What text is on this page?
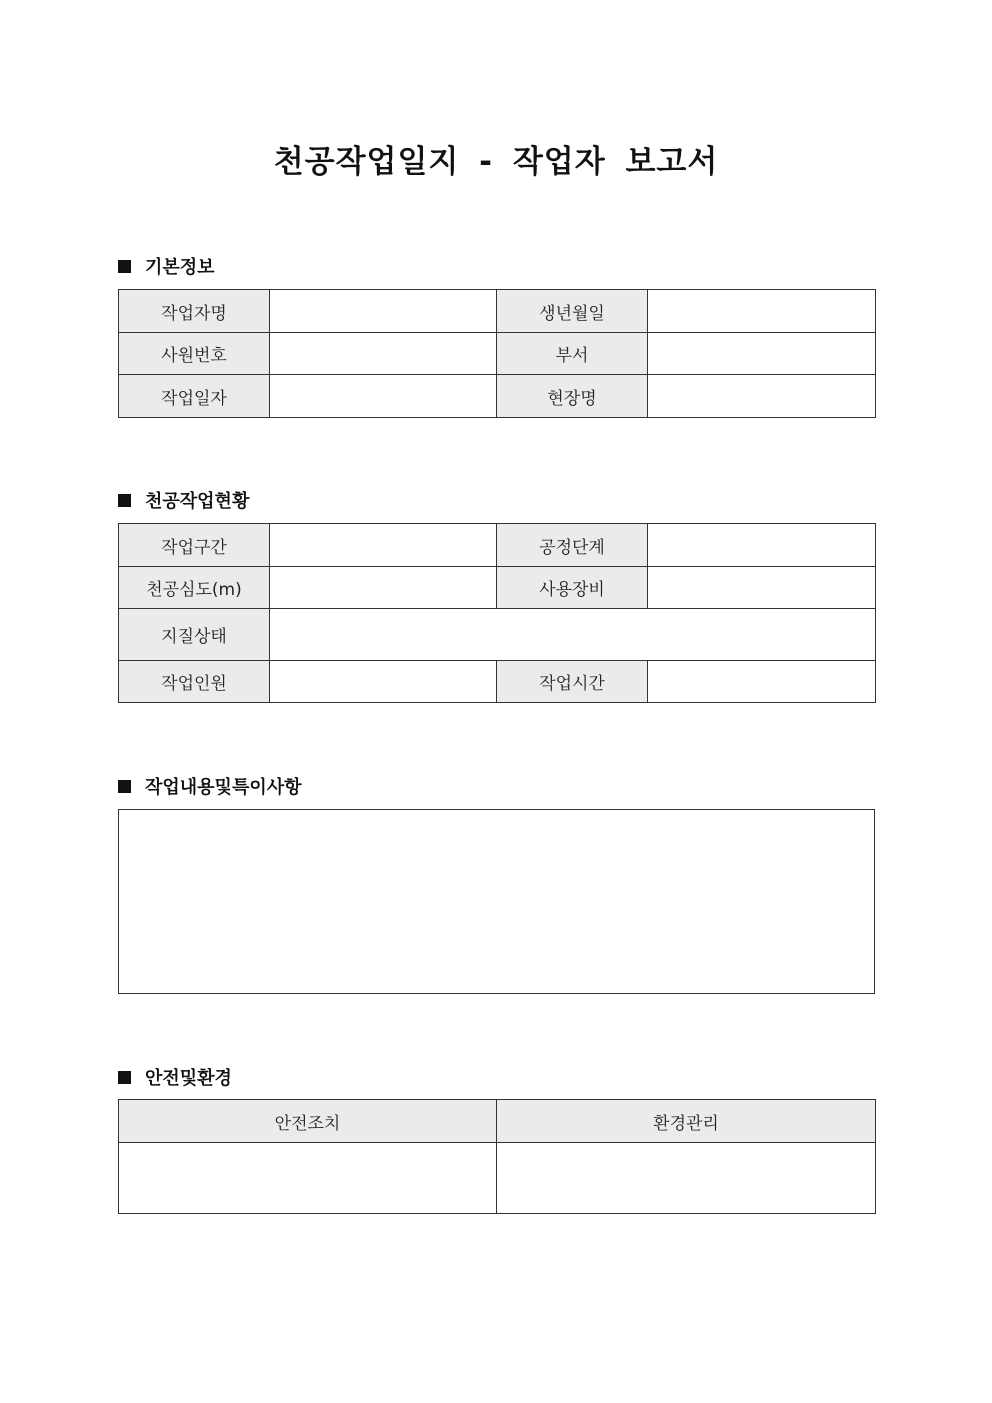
천공작업일지 - 작업자 보고서
기본정보
작업자명		생년월일	
사원번호		부서	
작업일자		현장명	
천공작업현황
작업구간		공정단계	
천공심도(m)		사용장비	
지질상태			
작업인원		작업시간	
작업내용및특이사항
안전및환경
안전조치	환경관리
